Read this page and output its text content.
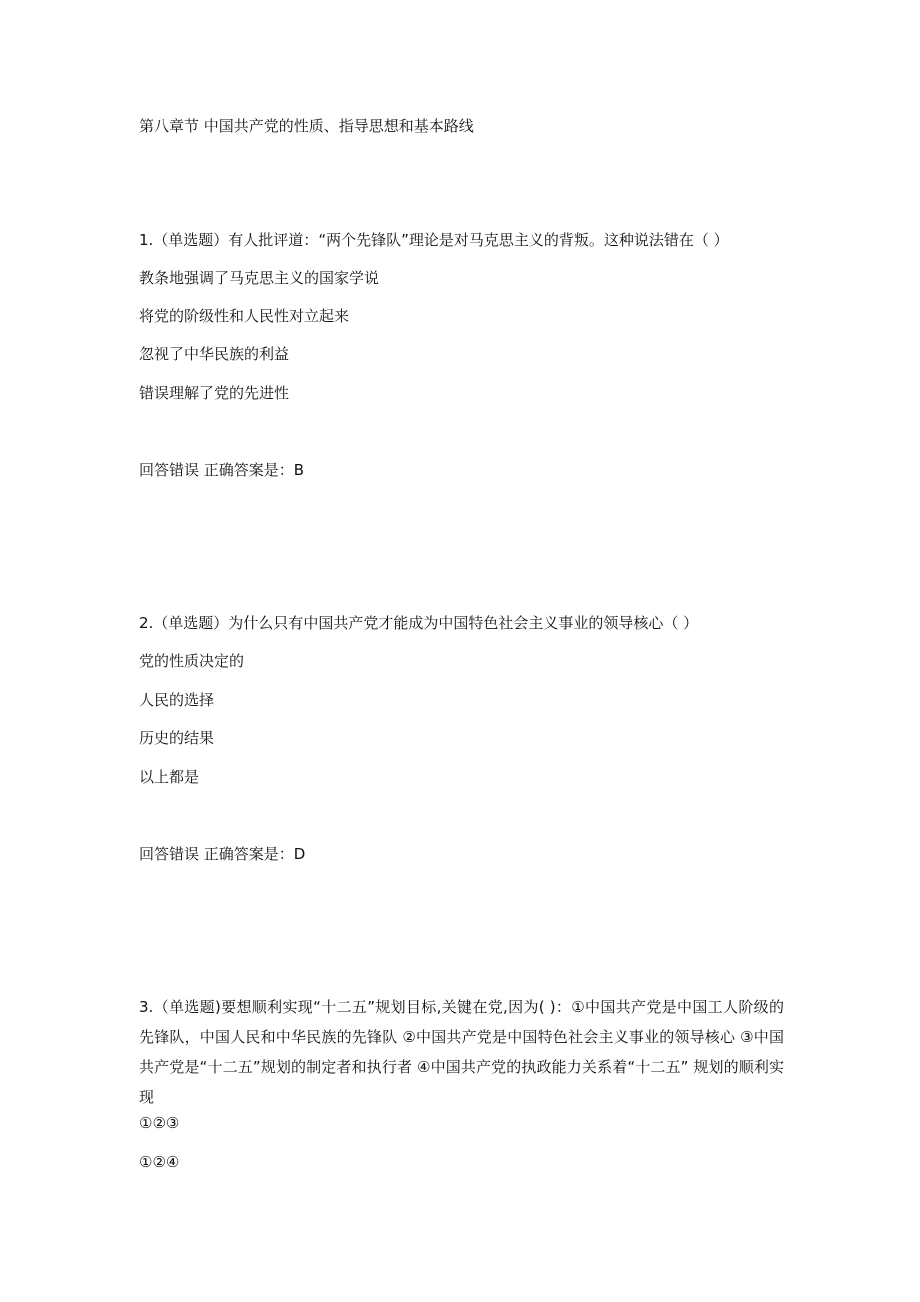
第八章节 中国共产党的性质、指导思想和基本路线
1.（单选题）有人批评道：“两个先锋队”理论是对马克思主义的背叛。这种说法错在（ ）
教条地强调了马克思主义的国家学说
将党的阶级性和人民性对立起来
忽视了中华民族的利益
错误理解了党的先进性
回答错误 正确答案是：B
2.（单选题）为什么只有中国共产党才能成为中国特色社会主义事业的领导核心（ ）
党的性质决定的
人民的选择
历史的结果
以上都是
回答错误 正确答案是：D
3.（单选题)要想顺利实现“十二五”规划目标,关键在党,因为( )：①中国共产党是中国工人阶级的先锋队，中国人民和中华民族的先锋队 ②中国共产党是中国特色社会主义事业的领导核心 ③中国共产党是“十二五”规划的制定者和执行者 ④中国共产党的执政能力关系着“十二五” 规划的顺利实现
①②③
①②④
